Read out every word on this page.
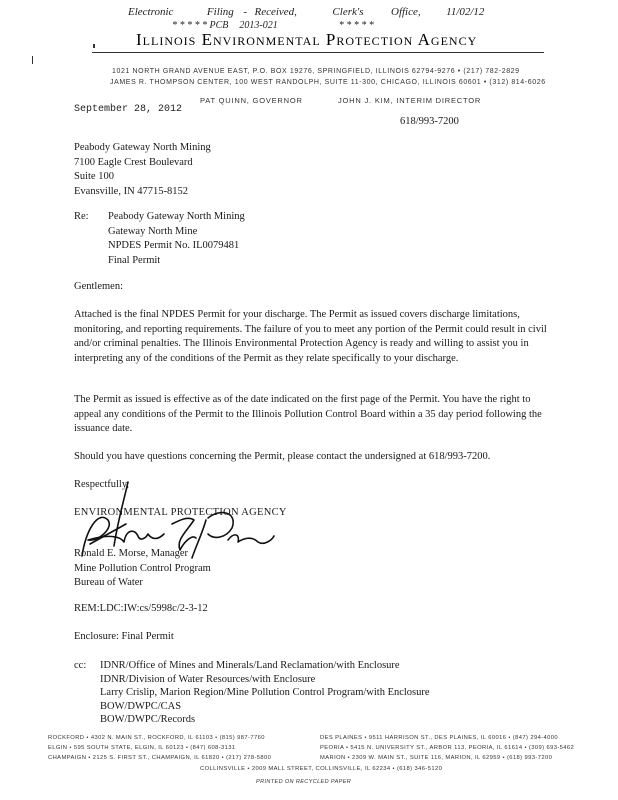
Electronic	Filing - Received,	Clerk's	Office, 11/02/12
* * * * * PCB 2013-021	* * * * *
Illinois Environmental Protection Agency
1021 NORTH GRAND AVENUE EAST, P.O. BOX 19276, SPRINGFIELD, ILLINOIS 62794-9276 • (217) 782-2829
JAMES R. THOMPSON CENTER, 100 WEST RANDOLPH, SUITE 11-300, CHICAGO, ILLINOIS 60601 • (312) 814-6026
PAT QUINN, GOVERNOR	JOHN J. KIM, INTERIM DIRECTOR
September 28, 2012
618/993-7200
Peabody Gateway North Mining
7100 Eagle Crest Boulevard
Suite 100
Evansville, IN 47715-8152
Re: Peabody Gateway North Mining
Gateway North Mine
NPDES Permit No. IL0079481
Final Permit
Gentlemen:
Attached is the final NPDES Permit for your discharge. The Permit as issued covers discharge limitations, monitoring, and reporting requirements. The failure of you to meet any portion of the Permit could result in civil and/or criminal penalties. The Illinois Environmental Protection Agency is ready and willing to assist you in interpreting any of the conditions of the Permit as they relate specifically to your discharge.
The Permit as issued is effective as of the date indicated on the first page of the Permit. You have the right to appeal any conditions of the Permit to the Illinois Pollution Control Board within a 35 day period following the issuance date.
Should you have questions concerning the Permit, please contact the undersigned at 618/993-7200.
Respectfully,
ENVIRONMENTAL PROTECTION AGENCY
Ronald E. Morse, Manager
Mine Pollution Control Program
Bureau of Water
REM:LDC:IW:cs/5998c/2-3-12
Enclosure: Final Permit
cc: IDNR/Office of Mines and Minerals/Land Reclamation/with Enclosure
IDNR/Division of Water Resources/with Enclosure
Larry Crislip, Marion Region/Mine Pollution Control Program/with Enclosure
BOW/DWPC/CAS
BOW/DWPC/Records
ROCKFORD • 4302 N. MAIN ST., ROCKFORD, IL 61103 • (815) 987-7760
ELGIN • 595 SOUTH STATE, ELGIN, IL 60123 • (847) 608-3131
CHAMPAIGN • 2125 S. FIRST ST., CHAMPAIGN, IL 61820 • (217) 278-5800
DES PLAINES • 9511 HARRISON ST., DES PLAINES, IL 60016 • (847) 294-4000
PEORIA • 5415 N. UNIVERSITY ST., ARBOR 113, PEORIA, IL 61614 • (309) 693-5462
MARION • 2309 W. MAIN ST., SUITE 116, MARION, IL 62959 • (618) 993-7200
COLLINSVILLE • 2009 MALL STREET, COLLINSVILLE, IL 62234 • (618) 346-5120
PRINTED ON RECYCLED PAPER
